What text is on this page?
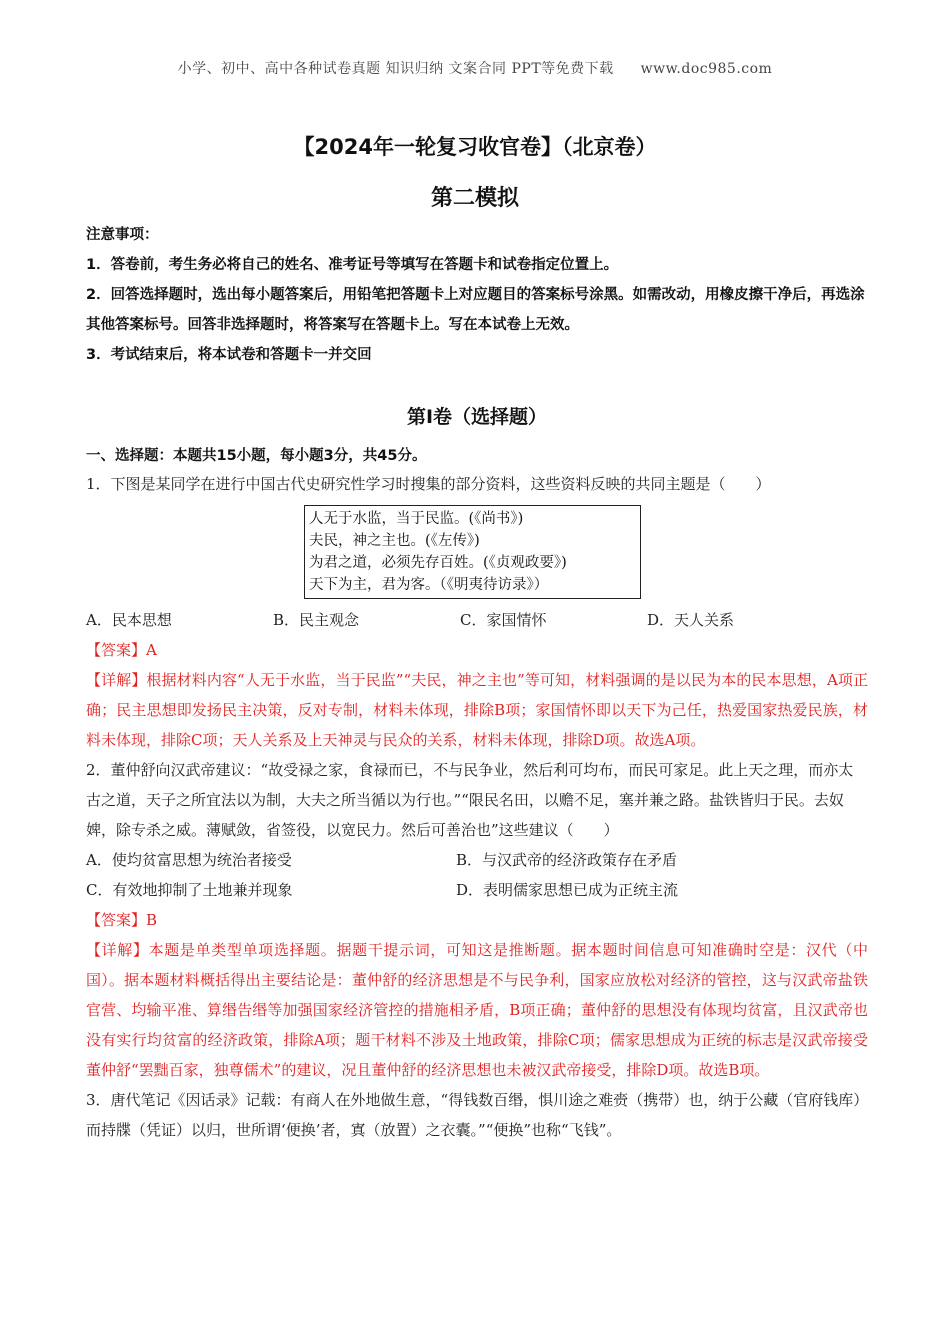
小学、初中、高中各种试卷真题 知识归纳 文案合同 PPT等免费下载 www.doc985.com
【2024年一轮复习收官卷】（北京卷）
第二模拟
注意事项：
1．答卷前，考生务必将自己的姓名、准考证号等填写在答题卡和试卷指定位置上。
2．回答选择题时，选出每小题答案后，用铅笔把答题卡上对应题目的答案标号涂黑。如需改动，用橡皮擦干净后，再选涂其他答案标号。回答非选择题时，将答案写在答题卡上。写在本试卷上无效。
3．考试结束后，将本试卷和答题卡一并交回
第I卷（选择题）
一、选择题：本题共15小题，每小题3分，共45分。
1．下图是某同学在进行中国古代史研究性学习时搜集的部分资料，这些资料反映的共同主题是（　　）
人无于水监，当于民监。(《尚书》)
夫民，神之主也。(《左传》)
为君之道，必须先存百姓。(《贞观政要》)
天下为主，君为客。（《明夷待访录》）
A．民本思想	B．民主观念	C．家国情怀	D．天人关系
【答案】A
【详解】根据材料内容“人无于水监，当于民监”“夫民，神之主也”等可知，材料强调的是以民为本的民本思想，A项正确；民主思想即发扬民主决策，反对专制，材料未体现，排除B项；家国情怀即以天下为己任，热爱国家热爱民族，材料未体现，排除C项；天人关系及上天神灵与民众的关系，材料未体现，排除D项。故选A项。
2．董仲舒向汉武帝建议：“故受禄之家，食禄而已，不与民争业，然后利可均布，而民可家足。此上天之理，而亦太古之道，天子之所宜法以为制，大夫之所当循以为行也。”“限民名田，以赡不足，塞并兼之路。盐铁皆归于民。去奴婢，除专杀之威。薄赋敛，省签役，以宽民力。然后可善治也”这些建议（　　）
A．使均贫富思想为统治者接受	B．与汉武帝的经济政策存在矛盾
C．有效地抑制了土地兼并现象	D．表明儒家思想已成为正统主流
【答案】B
【详解】本题是单类型单项选择题。据题干提示词，可知这是推断题。据本题时间信息可知准确时空是：汉代（中国）。据本题材料概括得出主要结论是：董仲舒的经济思想是不与民争利，国家应放松对经济的管控，这与汉武帝盐铁官营、均输平准、算缗告缗等加强国家经济管控的措施相矛盾，B项正确；董仲舒的思想没有体现均贫富，且汉武帝也没有实行均贫富的经济政策，排除A项；题干材料不涉及土地政策，排除C项；儒家思想成为正统的标志是汉武帝接受董仲舒“罢黜百家，独尊儒术”的建议，况且董仲舒的经济思想也未被汉武帝接受，排除D项。故选B项。
3．唐代笔记《因话录》记载：有商人在外地做生意，“得钱数百缗，惧川途之难赍（携带）也，纳于公藏（官府钱库）而持牒（凭证）以归，世所谓‘便换’者，寘（放置）之衣囊。”“便换”也称“飞钱”。
